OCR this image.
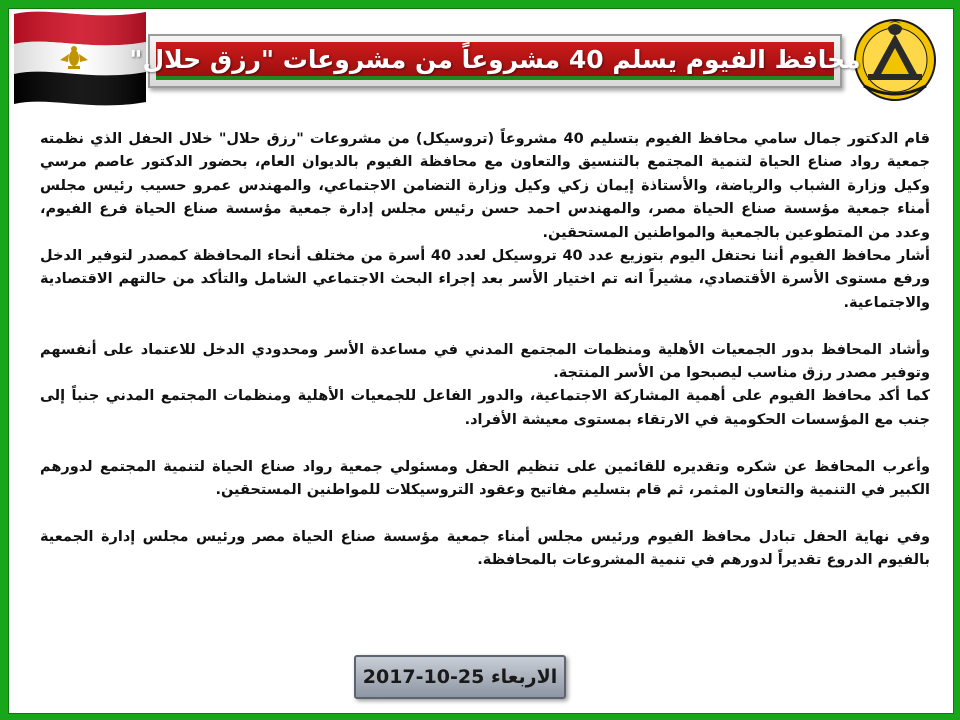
محافظ الفيوم يسلم 40 مشروعاً من مشروعات "رزق حلال"

قام الدكتور جمال سامي محافظ الفيوم بتسليم 40 مشروعاً (تروسيكل) من مشروعات "رزق حلال" خلال الحفل الذي نظمته جمعية رواد صناع الحياة لتنمية المجتمع بالتنسيق والتعاون مع محافظة الفيوم بالديوان العام، بحضور الدكتور عاصم مرسي وكيل وزارة الشباب والرياضة، والأستاذة إيمان زكي وكيل وزارة التضامن الاجتماعي، والمهندس عمرو حسيب رئيس مجلس أمناء جمعية مؤسسة صناع الحياة مصر، والمهندس احمد حسن رئيس مجلس إدارة جمعية مؤسسة صناع الحياة فرع الفيوم، وعدد من المتطوعين بالجمعية والمواطنين المستحقين.

أشار محافظ الفيوم أننا نحتفل اليوم بتوزيع عدد 40 تروسيكل لعدد 40 أسرة من مختلف أنحاء المحافظة كمصدر لتوفير الدخل ورفع مستوى الأسرة الأقتصادي، مشيراً انه تم اختيار الأسر بعد إجراء البحث الاجتماعي الشامل والتأكد من حالتهم الاقتصادية والاجتماعية.

وأشاد المحافظ بدور الجمعيات الأهلية ومنظمات المجتمع المدني في مساعدة الأسر ومحدودي الدخل للاعتماد على أنفسهم وتوفير مصدر رزق مناسب ليصبحوا من الأسر المنتجة.

كما أكد محافظ الفيوم على أهمية المشاركة الاجتماعية، والدور الفاعل للجمعيات الأهلية ومنظمات المجتمع المدني جنباً إلى جنب مع المؤسسات الحكومية في الارتقاء بمستوى معيشة الأفراد.

وأعرب المحافظ عن شكره وتقديره للقائمين على تنظيم الحفل ومسئولي جمعية رواد صناع الحياة لتنمية المجتمع لدورهم الكبير في التنمية والتعاون المثمر، ثم قام بتسليم مفاتيح وعقود التروسيكلات للمواطنين المستحقين.

وفي نهاية الحفل تبادل محافظ الفيوم ورئيس مجلس أمناء جمعية مؤسسة صناع الحياة مصر ورئيس مجلس إدارة الجمعية بالفيوم الدروع تقديراً لدورهم في تنمية المشروعات بالمحافظة.

الاربعاء 25-10-2017
